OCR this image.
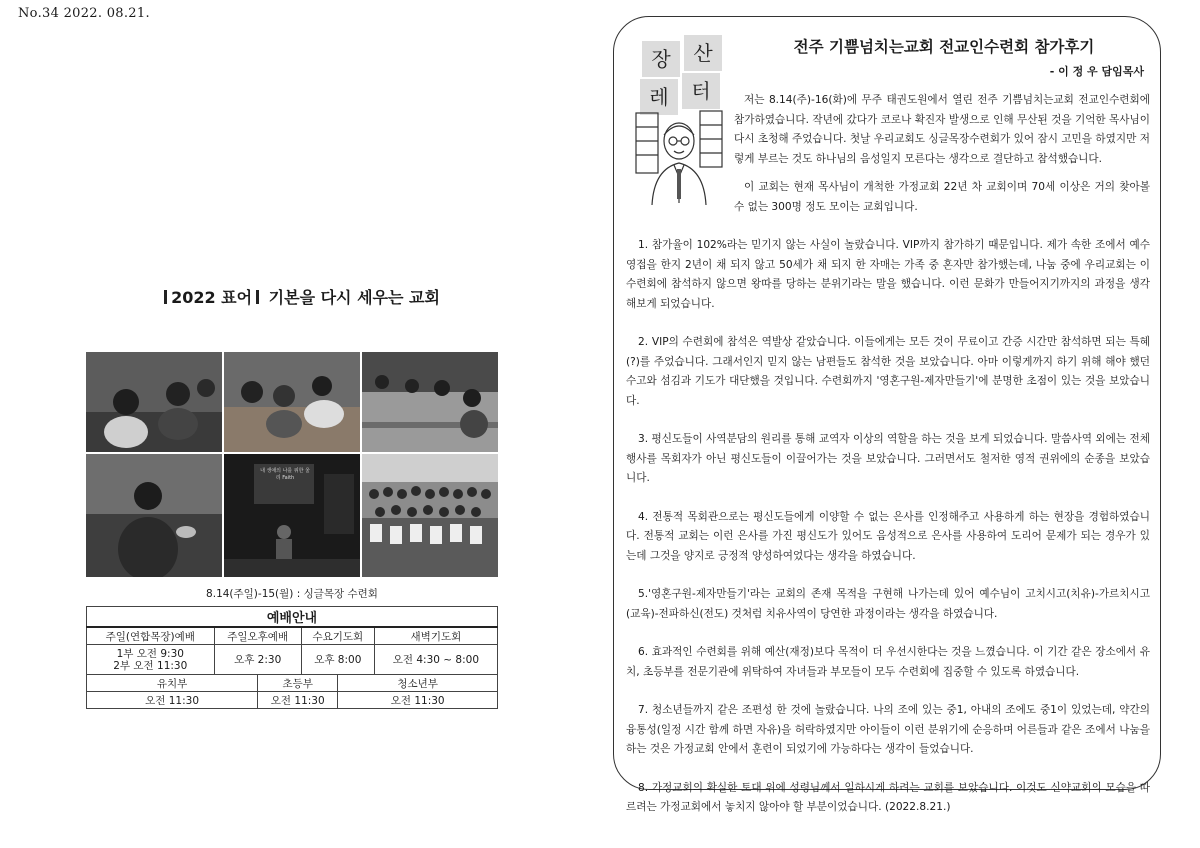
No.34 2022. 08.21.
2022 표어 기본을 다시 세우는 교회
내 생애의 나를 위한 울리 Faith
8.14(주일)-15(월) : 싱글목장 수련회
예배안내					
주일(연합목장)예배	주일오후예배		수요기도회		새벽기도회
1부 오전 9:30
2부 오전 11:30	오후 2:30		오후 8:00		오전 4:30 ~ 8:00
유치부		초등부		청소년부	
오전 11:30		오전 11:30		오전 11:30	
장	산
레	터
전주 기쁨넘치는교회 전교인수련회 참가후기
- 이 정 우 담임목사

저는 8.14(주)-16(화)에 무주 태권도원에서 열린 전주 기쁨넘치는교회 전교인수련회에 참가하였습니다. 작년에 갔다가 코로나 확진자 발생으로 인해 무산된 것을 기억한 목사님이 다시 초청해 주었습니다. 첫날 우리교회도 싱글목장수련회가 있어 잠시 고민을 하였지만 저렇게 부르는 것도 하나님의 음성일지 모른다는 생각으로 결단하고 참석했습니다.

이 교회는 현재 목사님이 개척한 가정교회 22년 차 교회이며 70세 이상은 거의 찾아볼 수 없는 300명 정도 모이는 교회입니다.

1. 참가율이 102%라는 믿기지 않는 사실이 놀랐습니다. VIP까지 참가하기 때문입니다. 제가 속한 조에서 예수영접을 한지 2년이 채 되지 않고 50세가 채 되지 한 자매는 가족 중 혼자만 참가했는데, 나눔 중에 우리교회는 이 수련회에 참석하지 않으면 왕따를 당하는 분위기라는 말을 했습니다. 이런 문화가 만들어지기까지의 과정을 생각해보게 되었습니다.

2. VIP의 수련회에 참석은 역발상 같았습니다. 이들에게는 모든 것이 무료이고 간증 시간만 참석하면 되는 특혜(?)를 주었습니다. 그래서인지 믿지 않는 남편들도 참석한 것을 보았습니다. 아마 이렇게까지 하기 위해 해야 했던 수고와 섬김과 기도가 대단했을 것입니다. 수련회까지 '영혼구원-제자만들기'에 분명한 초점이 있는 것을 보았습니다.

3. 평신도들이 사역분담의 원리를 통해 교역자 이상의 역할을 하는 것을 보게 되었습니다. 말씀사역 외에는 전체 행사를 목회자가 아닌 평신도들이 이끌어가는 것을 보았습니다. 그러면서도 철저한 영적 권위에의 순종을 보았습니다.

4. 전통적 목회관으로는 평신도들에게 이양할 수 없는 은사를 인정해주고 사용하게 하는 현장을 경험하였습니다. 전통적 교회는 이런 은사를 가진 평신도가 있어도 음성적으로 은사를 사용하여 도리어 문제가 되는 경우가 있는데 그것을 양지로 긍정적 양성하여었다는 생각을 하였습니다.

5.'영혼구원-제자만들기'라는 교회의 존재 목적을 구현해 나가는데 있어 예수님이 고치시고(치유)-가르치시고(교육)-전파하신(전도) 것처럼 치유사역이 당연한 과정이라는 생각을 하였습니다.

6. 효과적인 수련회를 위해 예산(재정)보다 목적이 더 우선시한다는 것을 느꼈습니다. 이 기간 같은 장소에서 유치, 초등부를 전문기관에 위탁하여 자녀들과 부모들이 모두 수련회에 집중할 수 있도록 하였습니다.

7. 청소년들까지 같은 조편성 한 것에 놀랐습니다. 나의 조에 있는 중1, 아내의 조에도 중1이 있었는데, 약간의 융통성(일정 시간 함께 하면 자유)을 허락하였지만 아이들이 이런 분위기에 순응하며 어른들과 같은 조에서 나눔을 하는 것은 가정교회 안에서 훈련이 되었기에 가능하다는 생각이 들었습니다.

8. 가정교회의 확실한 토대 위에 성령님께서 일하시게 하려는 교회를 보았습니다. 이것도 신약교회의 모습을 따르려는 가정교회에서 놓치지 않아야 할 부분이었습니다. (2022.8.21.)
